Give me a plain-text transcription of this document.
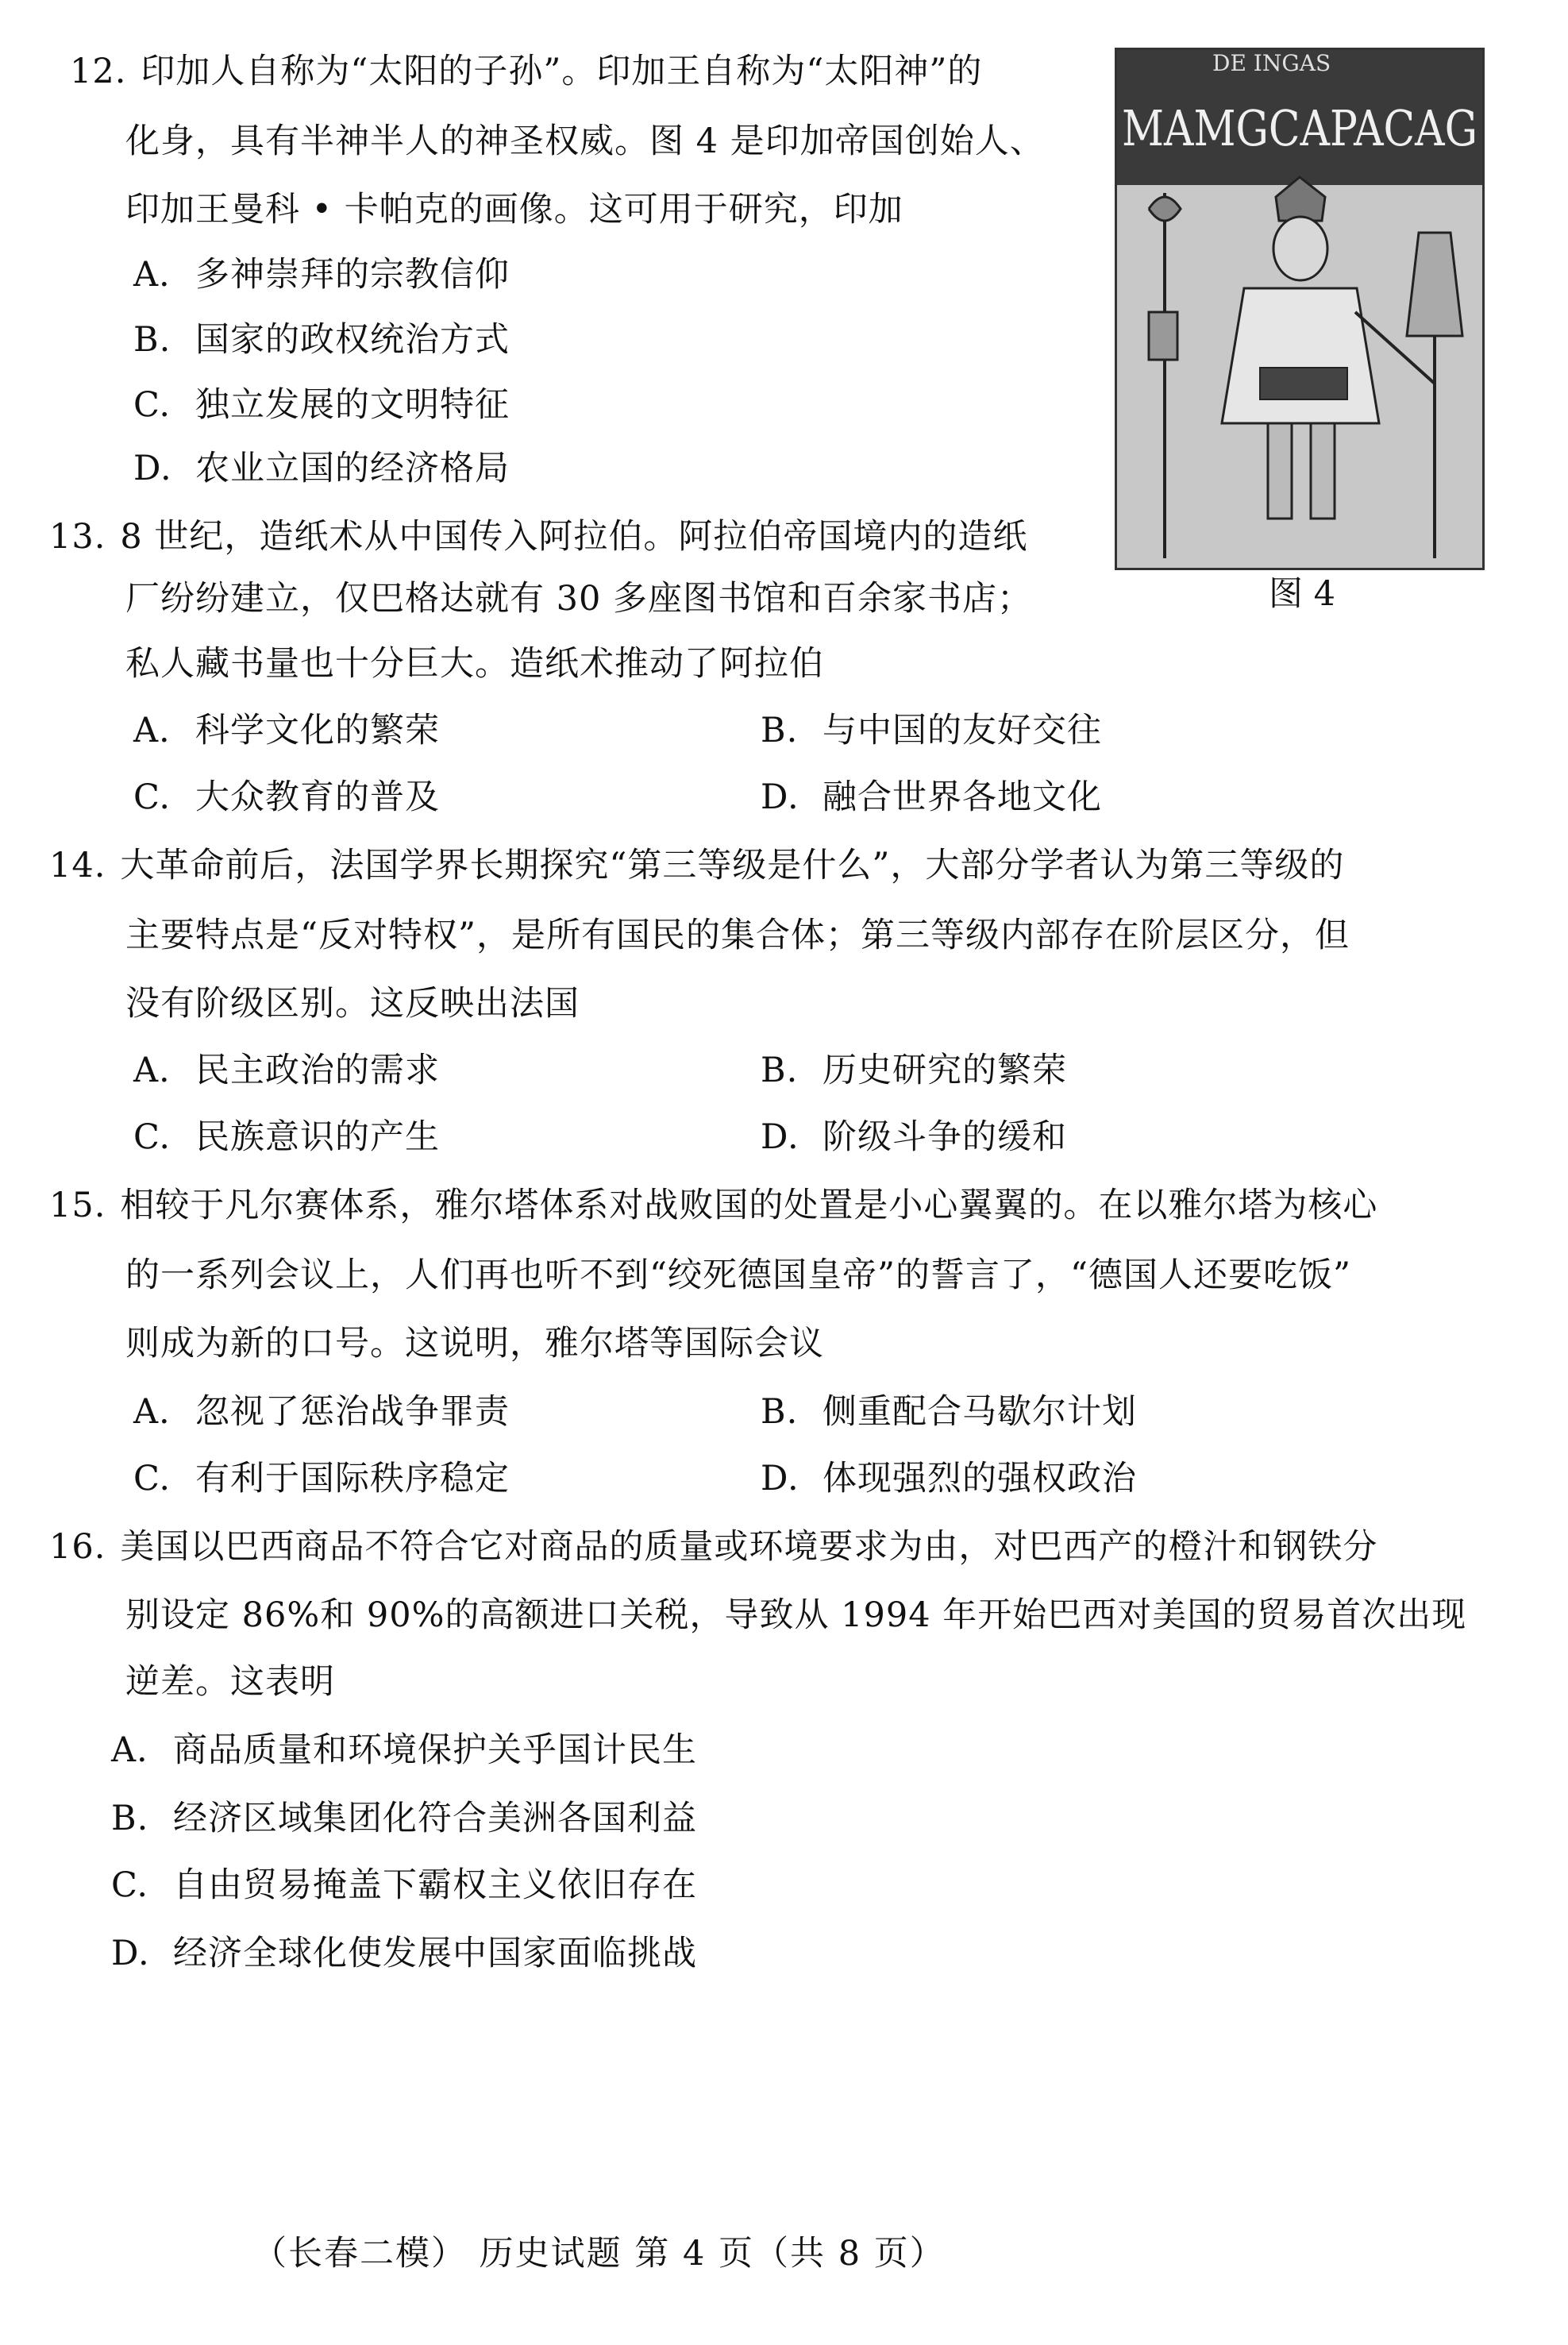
12. 印加人自称为“太阳的子孙”。印加王自称为“太阳神”的
化身，具有半神半人的神圣权威。图 4 是印加帝国创始人、
印加王曼科 • 卡帕克的画像。这可用于研究，印加
A. 多神崇拜的宗教信仰
B. 国家的政权统治方式
C. 独立发展的文明特征
D. 农业立国的经济格局
DE INGAS
MAMGCAPACAG
图 4
13. 8 世纪，造纸术从中国传入阿拉伯。阿拉伯帝国境内的造纸
厂纷纷建立，仅巴格达就有 30 多座图书馆和百余家书店；
私人藏书量也十分巨大。造纸术推动了阿拉伯
A. 科学文化的繁荣	B. 与中国的友好交往
C. 大众教育的普及	D. 融合世界各地文化
14. 大革命前后，法国学界长期探究“第三等级是什么”，大部分学者认为第三等级的
主要特点是“反对特权”，是所有国民的集合体；第三等级内部存在阶层区分，但
没有阶级区别。这反映出法国
A. 民主政治的需求	B. 历史研究的繁荣
C. 民族意识的产生	D. 阶级斗争的缓和
15. 相较于凡尔赛体系，雅尔塔体系对战败国的处置是小心翼翼的。在以雅尔塔为核心
的一系列会议上，人们再也听不到“绞死德国皇帝”的誓言了，“德国人还要吃饭”
则成为新的口号。这说明，雅尔塔等国际会议
A. 忽视了惩治战争罪责	B. 侧重配合马歇尔计划
C. 有利于国际秩序稳定	D. 体现强烈的强权政治
16. 美国以巴西商品不符合它对商品的质量或环境要求为由，对巴西产的橙汁和钢铁分
别设定 86%和 90%的高额进口关税，导致从 1994 年开始巴西对美国的贸易首次出现
逆差。这表明
A. 商品质量和环境保护关乎国计民生
B. 经济区域集团化符合美洲各国利益
C. 自由贸易掩盖下霸权主义依旧存在
D. 经济全球化使发展中国家面临挑战
（长春二模） 历史试题 第 4 页（共 8 页）
